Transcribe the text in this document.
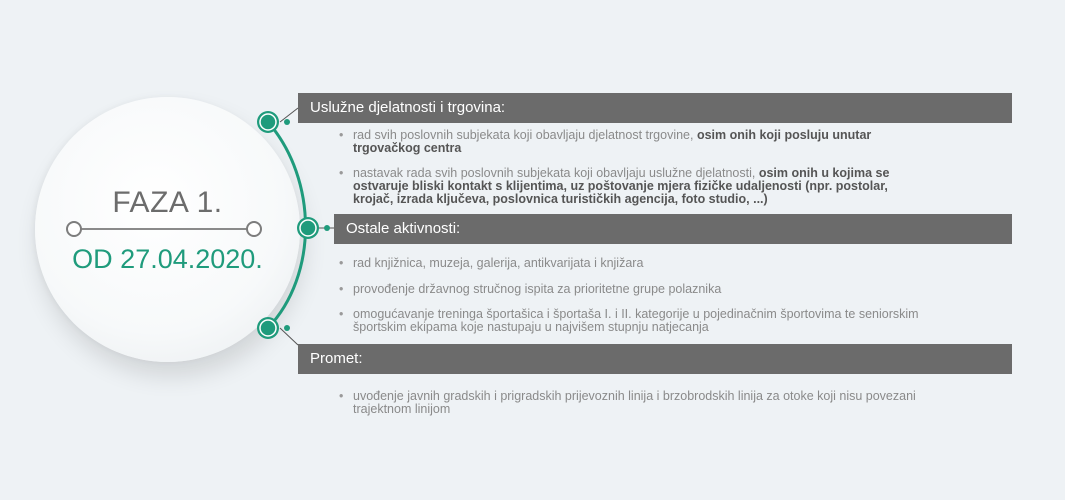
FAZA 1.
OD 27.04.2020.
Uslužne djelatnosti i trgovina:
• rad svih poslovnih subjekata koji obavljaju djelatnost trgovine, osim onih koji posluju unutar
trgovačkog centra
• nastavak rada svih poslovnih subjekata koji obavljaju uslužne djelatnosti, osim onih u kojima se
ostvaruje bliski kontakt s klijentima, uz poštovanje mjera fizičke udaljenosti (npr. postolar,
krojač, izrada ključeva, poslovnica turističkih agencija, foto studio, ...)
Ostale aktivnosti:
• rad knjižnica, muzeja, galerija, antikvarijata i knjižara
• provođenje državnog stručnog ispita za prioritetne grupe polaznika
• omogućavanje treninga športašica i športaša I. i II. kategorije u pojedinačnim športovima te seniorskim
športskim ekipama koje nastupaju u najvišem stupnju natjecanja
Promet:
• uvođenje javnih gradskih i prigradskih prijevoznih linija i brzobrodskih linija za otoke koji nisu povezani
trajektnom linijom
